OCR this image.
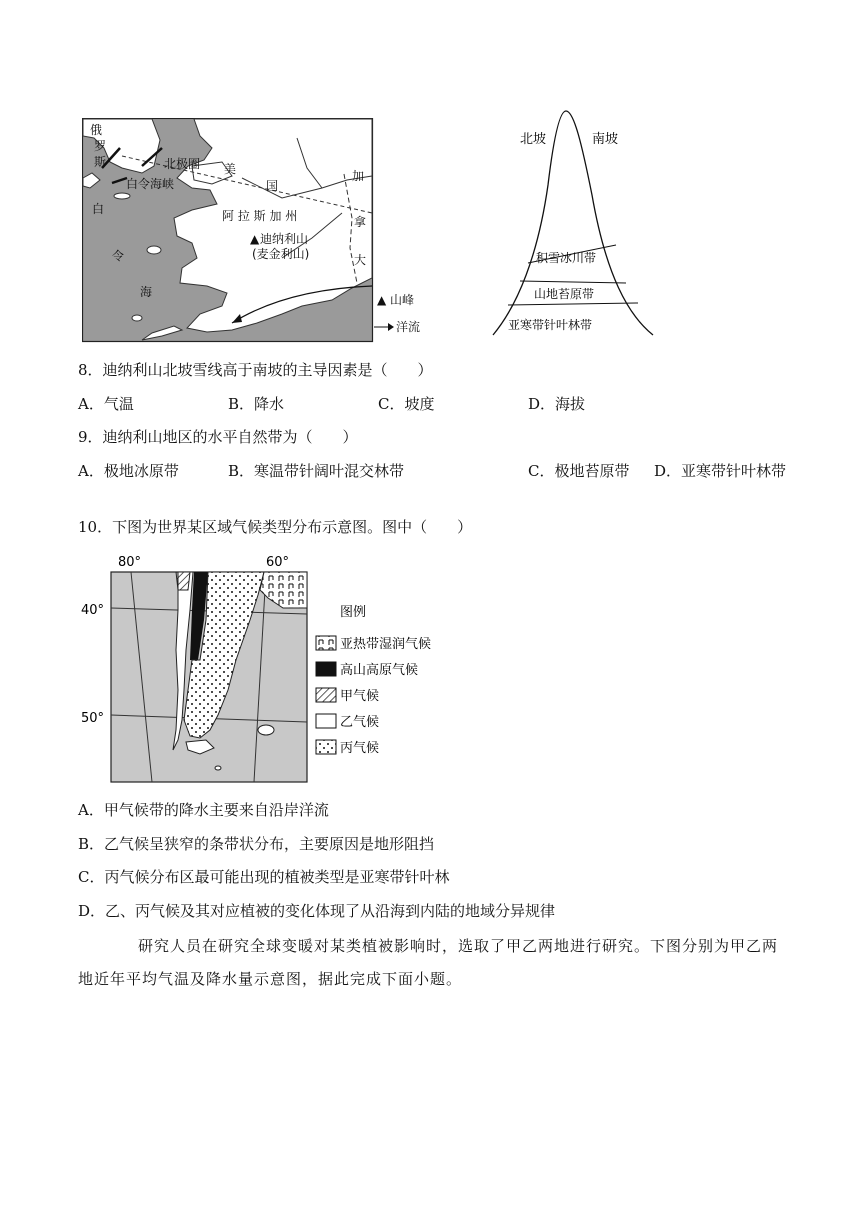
俄
罗
斯	北极圈
白令海峡
白
令
海
美
国
加
拿
大
阿 拉 斯 加 州
▲ 迪纳利山
(麦金利山)
▲ 山峰
洋流
北坡	南坡
积雪冰川带
山地苔原带
亚寒带针叶林带
8．迪纳利山北坡雪线高于南坡的主导因素是（　　）
A．气温	B．降水	C．坡度	D．海拔
9．迪纳利山地区的水平自然带为（　　）
A．极地冰原带	B．寒温带针阔叶混交林带	C．极地苔原带 D．亚寒带针叶林带
10．下图为世界某区域气候类型分布示意图。图中（　　）
80°	60°
40°
50°
图例
亚热带湿润气候
高山高原气候
甲气候
乙气候
丙气候
A．甲气候带的降水主要来自沿岸洋流
B．乙气候呈狭窄的条带状分布，主要原因是地形阻挡
C．丙气候分布区最可能出现的植被类型是亚寒带针叶林
D．乙、丙气候及其对应植被的变化体现了从沿海到内陆的地域分异规律
研究人员在研究全球变暖对某类植被影响时，选取了甲乙两地进行研究。下图分别为甲乙两地近年平均气温及降水量示意图，据此完成下面小题。
